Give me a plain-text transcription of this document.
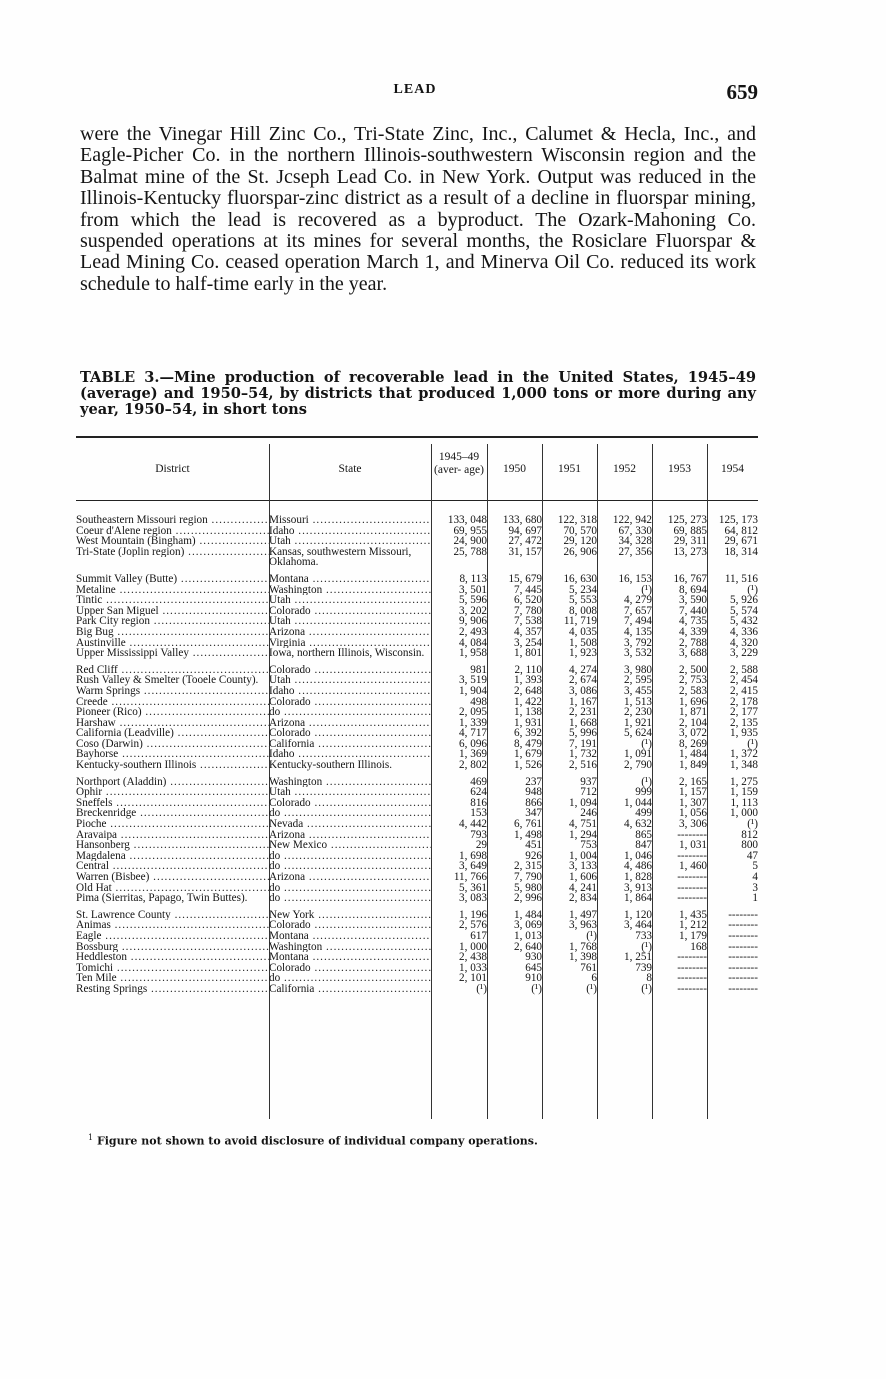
LEAD	659
were the Vinegar Hill Zinc Co., Tri-State Zinc, Inc., Calumet & Hecla, Inc., and Eagle-Picher Co. in the northern Illinois-southwestern Wisconsin region and the Balmat mine of the St. Jcseph Lead Co. in New York. Output was reduced in the Illinois-Kentucky fluorspar-zinc district as a result of a decline in fluorspar mining, from which the lead is recovered as a byproduct. The Ozark-Mahoning Co. suspended operations at its mines for several months, the Rosiclare Fluorspar & Lead Mining Co. ceased operation March 1, and Minerva Oil Co. reduced its work schedule to half-time early in the year.
TABLE 3.—Mine production of recoverable lead in the United States, 1945–49 (average) and 1950–54, by districts that produced 1,000 tons or more during any year, 1950–54, in short tons
District	State
1945–49 (aver- age)	1950	1951	1952	1953	1954
Southeastern Missouri region .....	Missouri .....	133, 048	133, 680	122, 318	122, 942	125, 273	125, 173

Coeur d'Alene region .....	Idaho .....	69, 955	94, 697	70, 570	67, 330	69, 885	64, 812

West Mountain (Bingham) .....	Utah .....	24, 900	27, 472	29, 120	34, 328	29, 311	29, 671

Tri-State (Joplin region) .....	Kansas, southwestern Missouri, Oklahoma.	25, 788	31, 157	26, 906	27, 356	13, 273	18, 314

Summit Valley (Butte) .....	Montana .....	8, 113	15, 679	16, 630	16, 153	16, 767	11, 516

Metaline .....	Washington .....	3, 501	7, 445	5, 234	(¹)	8, 694	(¹)

Tintic .....	Utah .....	5, 596	6, 520	5, 553	4, 279	3, 590	5, 926

Upper San Miguel .....	Colorado .....	3, 202	7, 780	8, 008	7, 657	7, 440	5, 574

Park City region .....	Utah .....	9, 906	7, 538	11, 719	7, 494	4, 735	5, 432

Big Bug .....	Arizona .....	2, 493	4, 357	4, 035	4, 135	4, 339	4, 336

Austinville .....	Virginia .....	4, 084	3, 254	1, 508	3, 792	2, 788	4, 320

Upper Mississippi Valley .....	Iowa, northern Illinois, Wisconsin.	1, 958	1, 801	1, 923	3, 532	3, 688	3, 229

Red Cliff .....	Colorado .....	981	2, 110	4, 274	3, 980	2, 500	2, 588
Rush Valley & Smelter (Tooele County).	Utah .....	3, 519	1, 393	2, 674	2, 595	2, 753	2, 454

Warm Springs .....	Idaho .....	1, 904	2, 648	3, 086	3, 455	2, 583	2, 415

Creede .....	Colorado .....	498	1, 422	1, 167	1, 513	1, 696	2, 178

Pioneer (Rico) .....	do .....	2, 095	1, 138	2, 231	2, 230	1, 871	2, 177

Harshaw .....	Arizona .....	1, 339	1, 931	1, 668	1, 921	2, 104	2, 135

California (Leadville) .....	Colorado .....	4, 717	6, 392	5, 996	5, 624	3, 072	1, 935

Coso (Darwin) .....	California .....	6, 096	8, 479	7, 191	(¹)	8, 269	(¹)

Bayhorse .....	Idaho .....	1, 369	1, 679	1, 732	1, 091	1, 484	1, 372

Kentucky-southern Illinois .....	Kentucky-southern Illinois.	2, 802	1, 526	2, 516	2, 790	1, 849	1, 348

Northport (Aladdin) .....	Washington .....	469	237	937	(¹)	2, 165	1, 275

Ophir .....	Utah .....	624	948	712	999	1, 157	1, 159

Sneffels .....	Colorado .....	816	866	1, 094	1, 044	1, 307	1, 113

Breckenridge .....	do .....	153	347	246	499	1, 056	1, 000

Pioche .....	Nevada .....	4, 442	6, 761	4, 751	4, 632	3, 306	(¹)

Aravaipa .....	Arizona .....	793	1, 498	1, 294	865	--------	812

Hansonberg .....	New Mexico .....	29	451	753	847	1, 031	800

Magdalena .....	do .....	1, 698	926	1, 004	1, 046	--------	47

Central .....	do .....	3, 649	2, 315	3, 133	4, 486	1, 460	5

Warren (Bisbee) .....	Arizona .....	11, 766	7, 790	1, 606	1, 828	--------	4

Old Hat .....	do .....	5, 361	5, 980	4, 241	3, 913	--------	3
Pima (Sierritas, Papago, Twin Buttes).	do .....	3, 083	2, 996	2, 834	1, 864	--------	1

St. Lawrence County .....	New York .....	1, 196	1, 484	1, 497	1, 120	1, 435	--------

Animas .....	Colorado .....	2, 576	3, 069	3, 963	3, 464	1, 212	--------

Eagle .....	Montana .....	617	1, 013	(¹)	733	1, 179	--------

Bossburg .....	Washington .....	1, 000	2, 640	1, 768	(¹)	168	--------

Heddleston .....	Montana .....	2, 438	930	1, 398	1, 251	--------	--------

Tomichi .....	Colorado .....	1, 033	645	761	739	--------	--------

Ten Mile .....	do .....	2, 101	910	6	8	--------	--------

Resting Springs .....	California .....	(¹)	(¹)	(¹)	(¹)	--------	--------
$^1$ Figure not shown to avoid disclosure of individual company operations.
